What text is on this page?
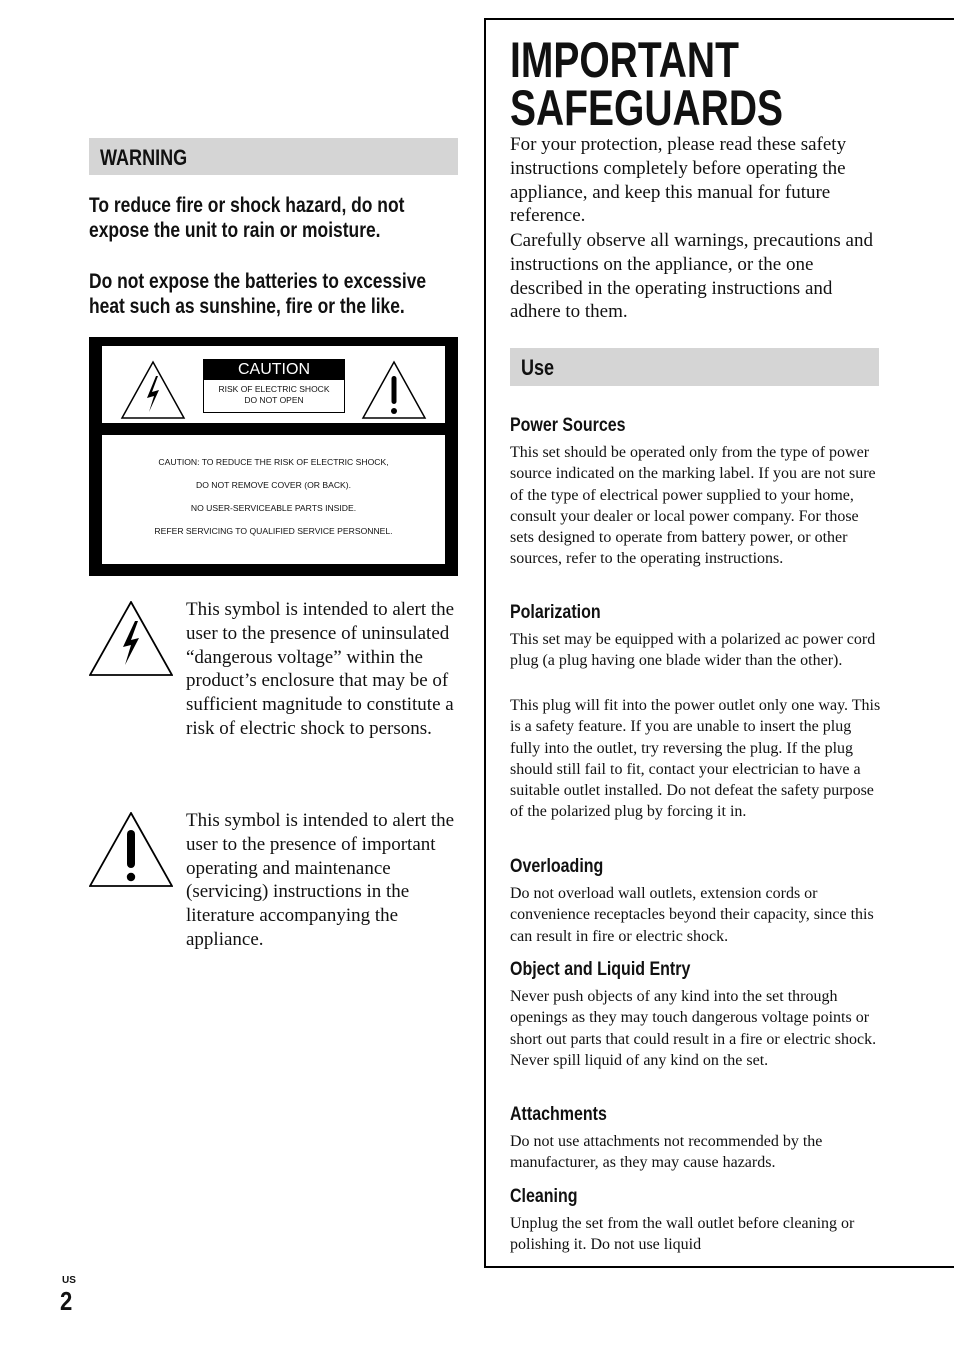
WARNING
To reduce fire or shock hazard, do not expose the unit to rain or moisture.
Do not expose the batteries to excessive heat such as sunshine, fire or the like.
CAUTION
RISK OF ELECTRIC SHOCK
DO NOT OPEN
CAUTION: TO REDUCE THE RISK OF ELECTRIC SHOCK,
DO NOT REMOVE COVER (OR BACK).
NO USER-SERVICEABLE PARTS INSIDE.
REFER SERVICING TO QUALIFIED SERVICE PERSONNEL.
This symbol is intended to alert the user to the presence of uninsulated “dangerous voltage” within the product’s enclosure that may be of sufficient magnitude to constitute a risk of electric shock to persons.
This symbol is intended to alert the user to the presence of important operating and maintenance (servicing) instructions in the literature accompanying the appliance.
IMPORTANT
SAFEGUARDS
For your protection, please read these safety instructions completely before operating the appliance, and keep this manual for future reference.
Carefully observe all warnings, precautions and instructions on the appliance, or the one described in the operating instructions and adhere to them.
Use
Power Sources
This set should be operated only from the type of power source indicated on the marking label. If you are not sure of the type of electrical power supplied to your home, consult your dealer or local power company. For those sets designed to operate from battery power, or other sources, refer to the operating instructions.
Polarization
This set may be equipped with a polarized ac power cord plug (a plug having one blade wider than the other).
This plug will fit into the power outlet only one way. This is a safety feature. If you are unable to insert the plug fully into the outlet, try reversing the plug. If the plug should still fail to fit, contact your electrician to have a suitable outlet installed. Do not defeat the safety purpose of the polarized plug by forcing it in.
Overloading
Do not overload wall outlets, extension cords or convenience receptacles beyond their capacity, since this can result in fire or electric shock.
Object and Liquid Entry
Never push objects of any kind into the set through openings as they may touch dangerous voltage points or short out parts that could result in a fire or electric shock. Never spill liquid of any kind on the set.
Attachments
Do not use attachments not recommended by the manufacturer, as they may cause hazards.
Cleaning
Unplug the set from the wall outlet before cleaning or polishing it. Do not use liquid
US
2
